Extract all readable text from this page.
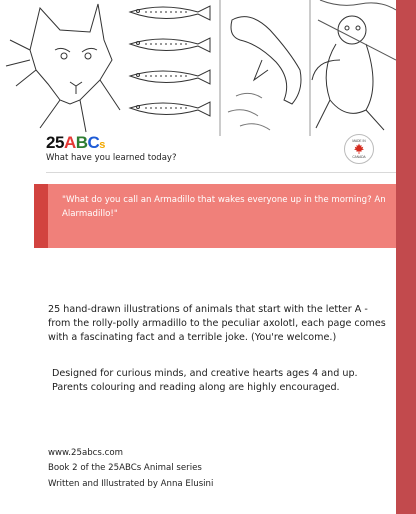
25ABCs
What have you learned today?
MADE IN
CANADA
"What do you call an Armadillo that wakes everyone up in the morning? An Alarmadillo!"
25 hand-drawn illustrations of animals that start with the letter A - from the rolly-polly armadillo to the peculiar axolotl, each page comes with a fascinating fact and a terrible joke. (You're welcome.)
Designed for curious minds, and creative hearts ages 4 and up. Parents colouring and reading along are highly encouraged.
www.25abcs.com
Book 2 of the 25ABCs Animal series
Written and Illustrated by Anna Elusini
